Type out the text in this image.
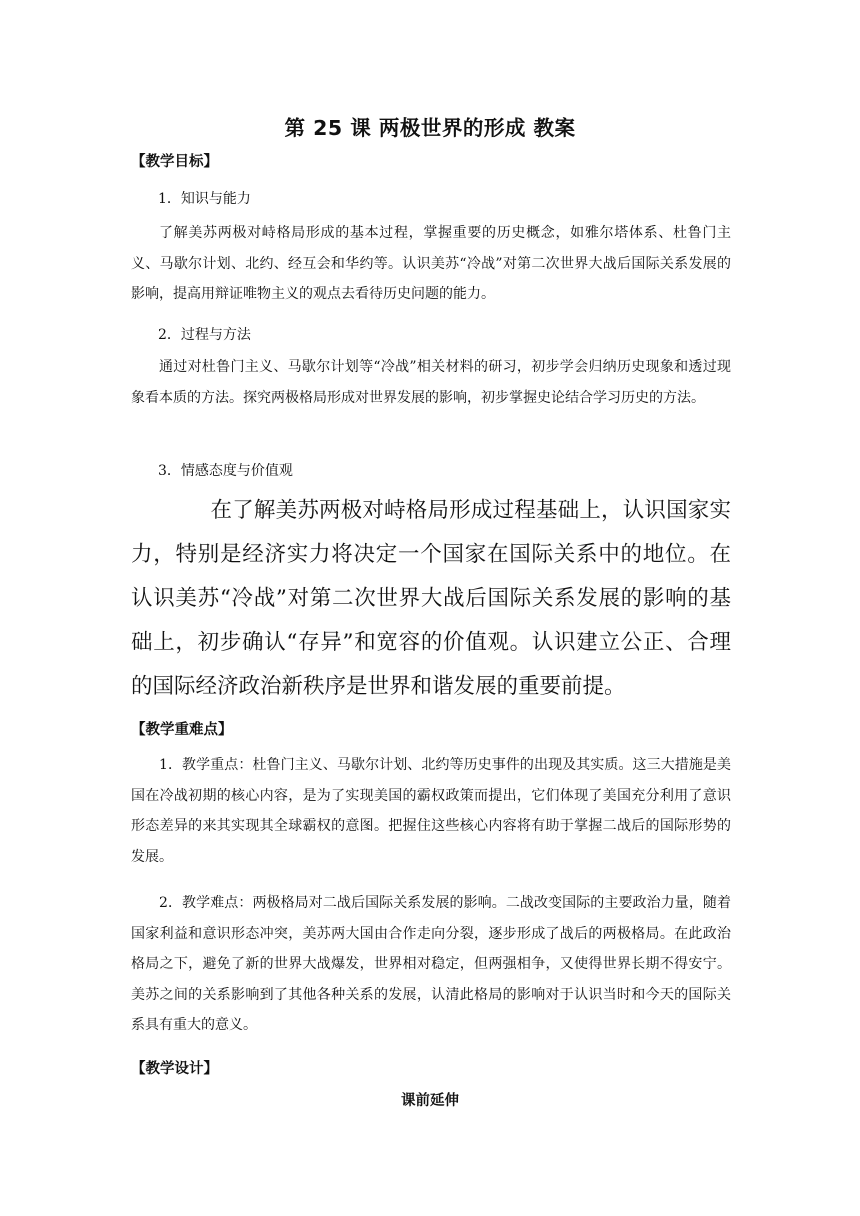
第 25 课 两极世界的形成 教案
【教学目标】
1．知识与能力
了解美苏两极对峙格局形成的基本过程，掌握重要的历史概念，如雅尔塔体系、杜鲁门主义、马歇尔计划、北约、经互会和华约等。认识美苏“冷战”对第二次世界大战后国际关系发展的影响，提高用辩证唯物主义的观点去看待历史问题的能力。
2．过程与方法
通过对杜鲁门主义、马歇尔计划等“冷战”相关材料的研习，初步学会归纳历史现象和透过现象看本质的方法。探究两极格局形成对世界发展的影响，初步掌握史论结合学习历史的方法。
3．情感态度与价值观
在了解美苏两极对峙格局形成过程基础上，认识国家实力，特别是经济实力将决定一个国家在国际关系中的地位。在认识美苏“冷战”对第二次世界大战后国际关系发展的影响的基础上，初步确认“存异”和宽容的价值观。认识建立公正、合理的国际经济政治新秩序是世界和谐发展的重要前提。
【教学重难点】
1．教学重点：杜鲁门主义、马歇尔计划、北约等历史事件的出现及其实质。这三大措施是美国在冷战初期的核心内容，是为了实现美国的霸权政策而提出，它们体现了美国充分利用了意识形态差异的来其实现其全球霸权的意图。把握住这些核心内容将有助于掌握二战后的国际形势的发展。
2．教学难点：两极格局对二战后国际关系发展的影响。二战改变国际的主要政治力量，随着国家利益和意识形态冲突，美苏两大国由合作走向分裂，逐步形成了战后的两极格局。在此政治格局之下，避免了新的世界大战爆发，世界相对稳定，但两强相争，又使得世界长期不得安宁。美苏之间的关系影响到了其他各种关系的发展，认清此格局的影响对于认识当时和今天的国际关系具有重大的意义。
【教学设计】
课前延伸
